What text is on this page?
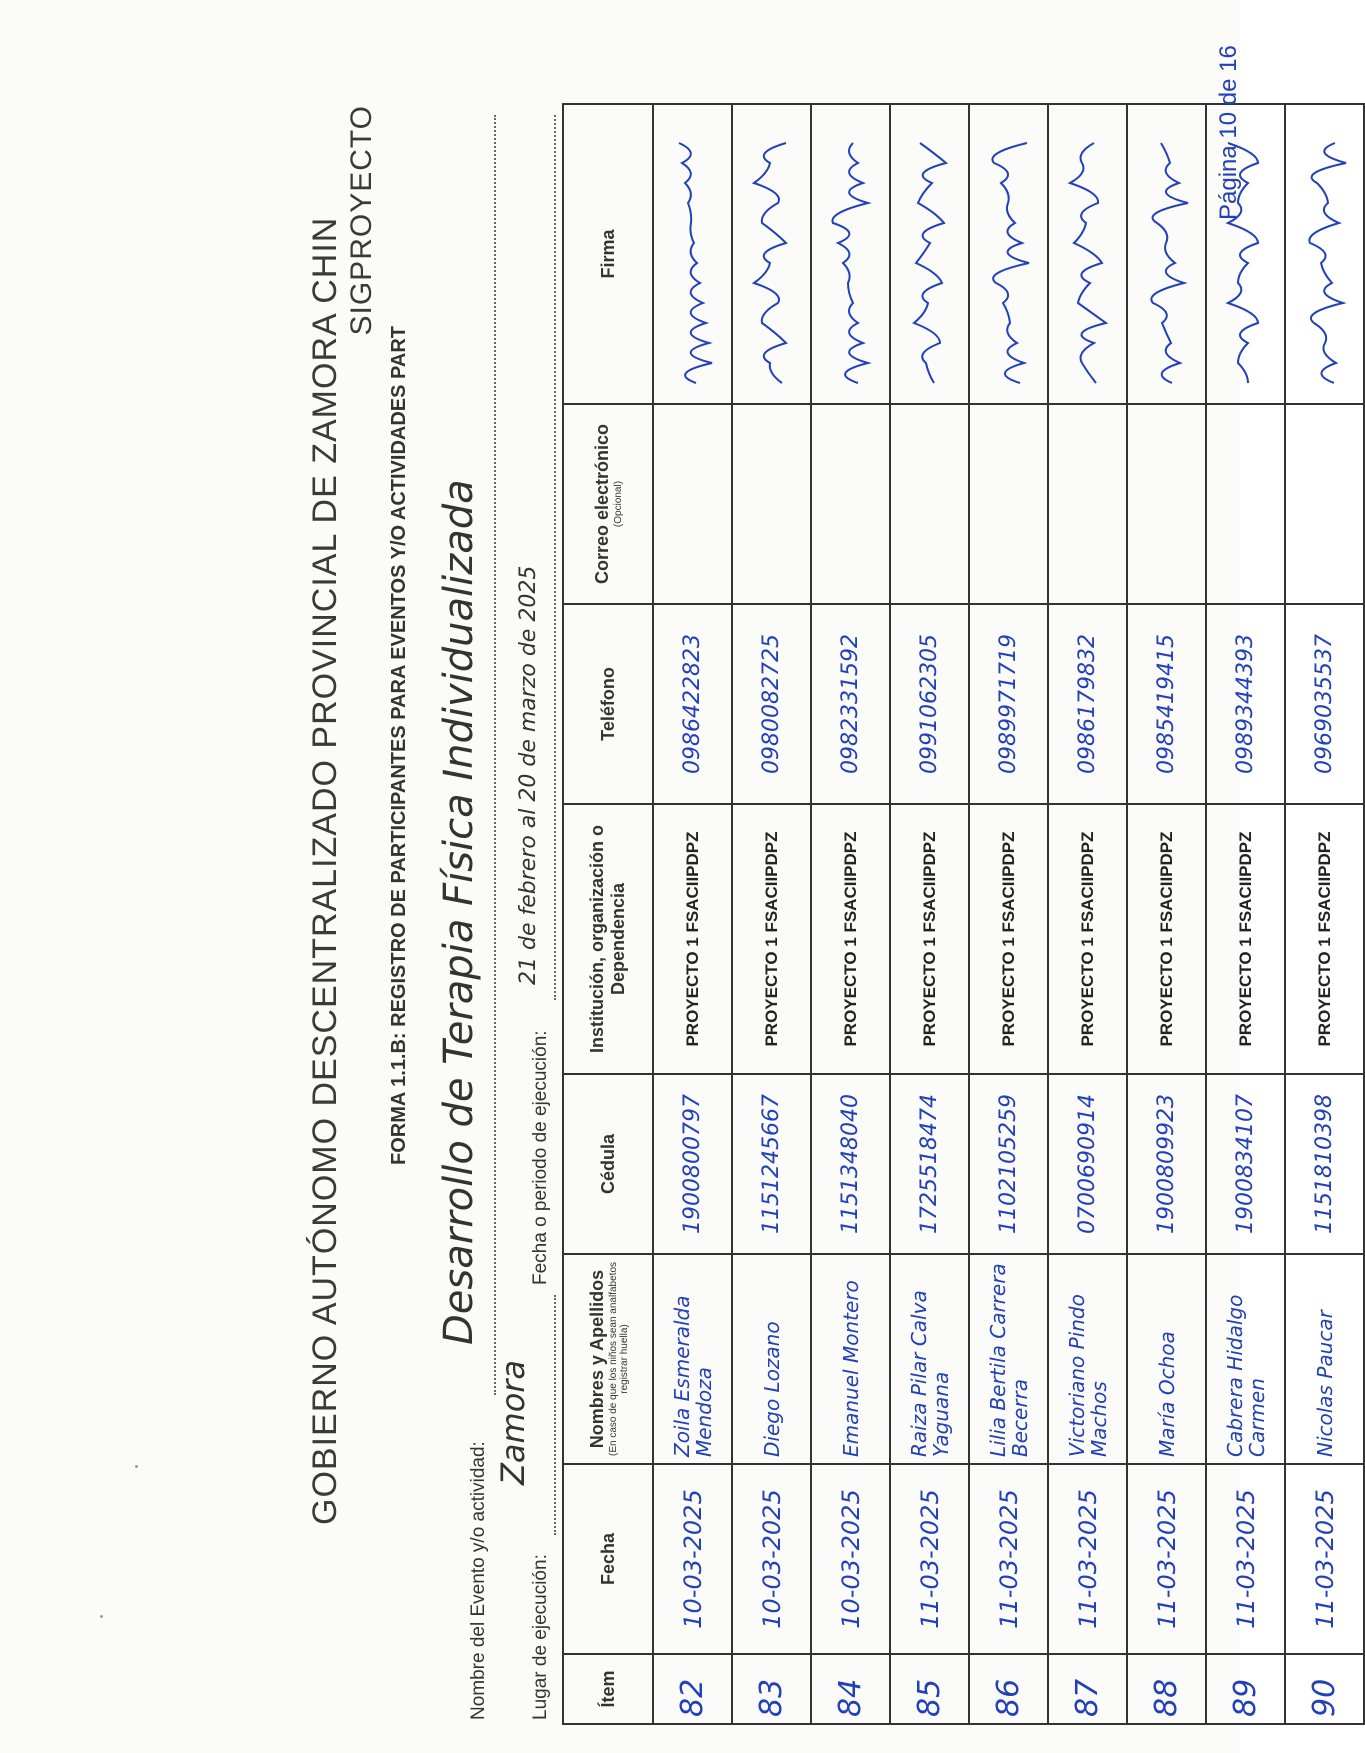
GOBIERNO AUTÓNOMO DESCENTRALIZADO PROVINCIAL DE ZAMORA CHIN SIGPROYECTO
FORMA 1.1.B: REGISTRO DE PARTICIPANTES PARA EVENTOS Y/O ACTIVIDADES PART
Nombre del Evento y/o actividad:
Desarrollo de Terapia Física Individualizada
Lugar de ejecución:
Zamora
Fecha o periodo de ejecución:
21 de febrero al 20 de marzo de 2025
Ítem	Fecha	Nombres y Apellidos (En caso de que los niños sean analfabetos registrar huella)	Cédula	Institución, organización o Dependencia	Teléfono	Correo electrónico (Opcional)	Firma
82	10-03-2025	Zoila Esmeralda Mendoza	1900800797	PROYECTO 1 FSACIIPDPZ	0986422823		

83	10-03-2025	Diego Lozano	1151245667	PROYECTO 1 FSACIIPDPZ	0980082725		

84	10-03-2025	Emanuel Montero	1151348040	PROYECTO 1 FSACIIPDPZ	0982331592		

85	11-03-2025	Raiza Pilar Calva Yaguana	1725518474	PROYECTO 1 FSACIIPDPZ	0991062305		

86	11-03-2025	Lilia Bertila Carrera Becerra	1102105259	PROYECTO 1 FSACIIPDPZ	0989971719		

87	11-03-2025	Victoriano Pindo Machos	0700690914	PROYECTO 1 FSACIIPDPZ	0986179832		

88	11-03-2025	María Ochoa	1900809923	PROYECTO 1 FSACIIPDPZ	0985419415		

89	11-03-2025	Cabrera Hidalgo Carmen	1900834107	PROYECTO 1 FSACIIPDPZ	0989344393		

90	11-03-2025	Nicolas Paucar	1151810398	PROYECTO 1 FSACIIPDPZ	0969035537		
Página 10 de 16
